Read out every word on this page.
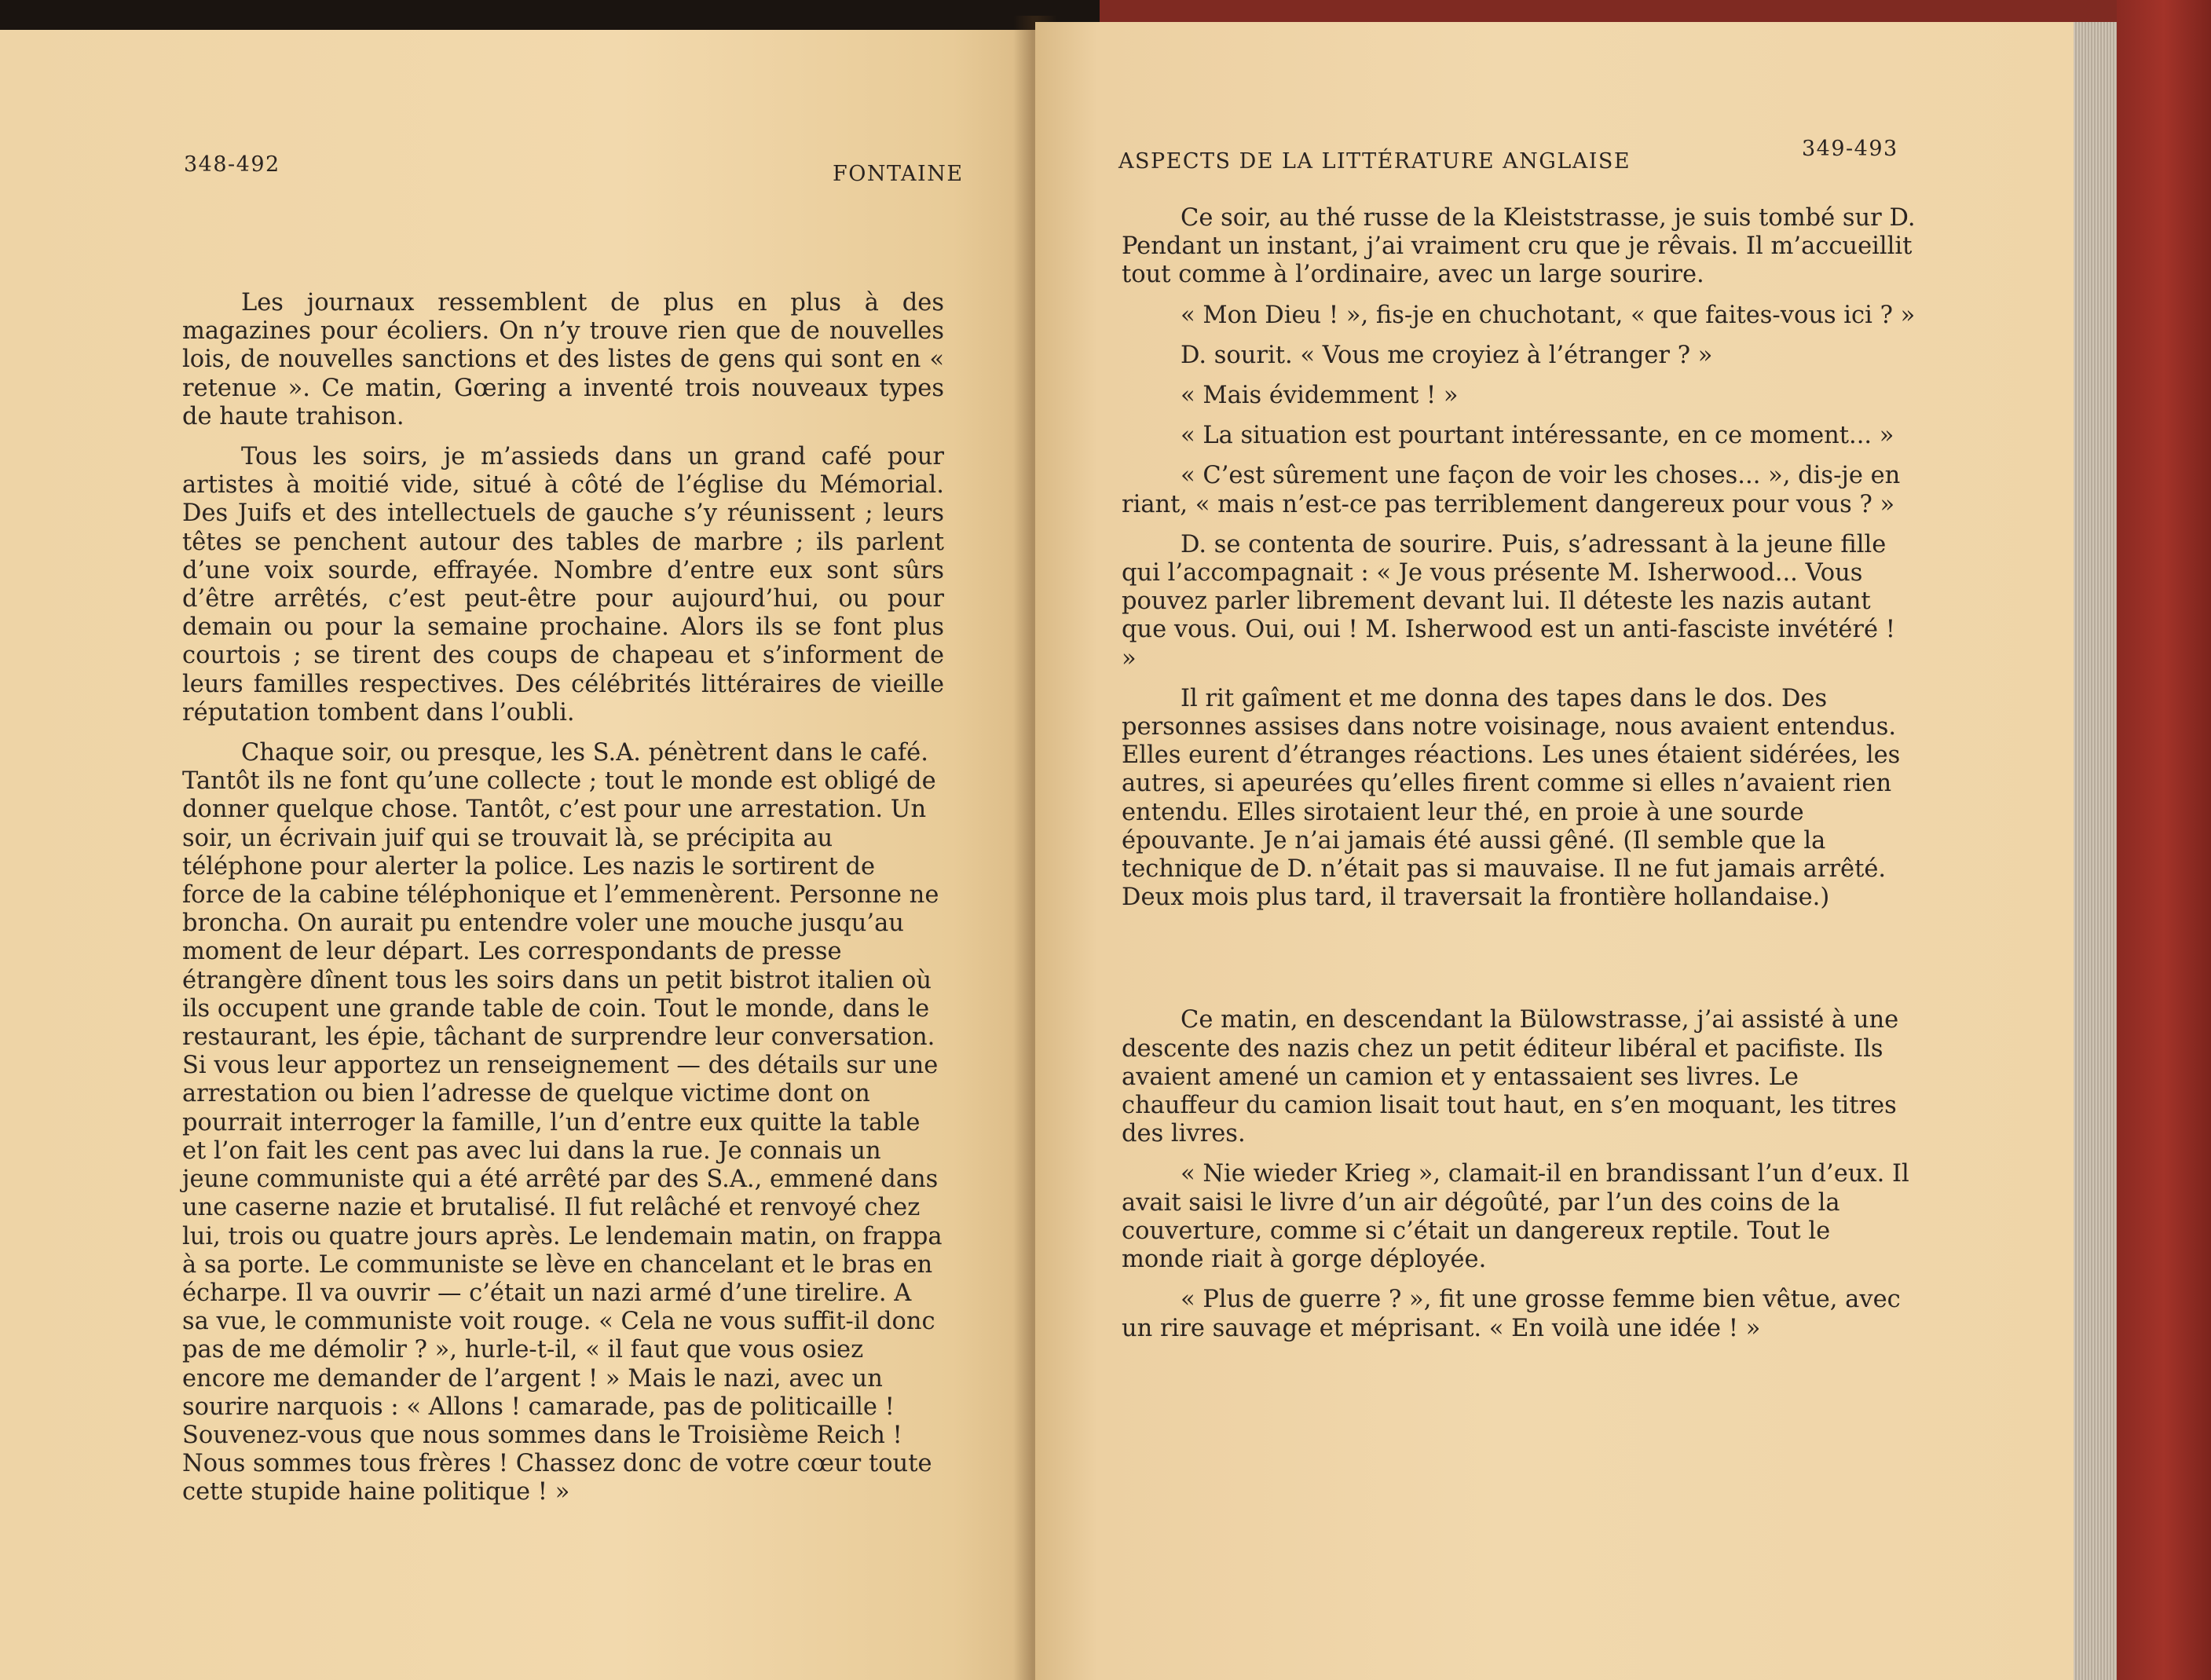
348-492	FONTAINE

Les journaux ressemblent de plus en plus à des magazines pour écoliers. On n’y trouve rien que de nouvelles lois, de nouvelles sanctions et des listes de gens qui sont en « retenue ». Ce matin, Gœring a inventé trois nouveaux types de haute trahison.

Tous les soirs, je m’assieds dans un grand café pour artistes à moitié vide, situé à côté de l’église du Mémorial. Des Juifs et des intellectuels de gauche s’y réunissent ; leurs têtes se penchent autour des tables de marbre ; ils parlent d’une voix sourde, effrayée. Nombre d’entre eux sont sûrs d’être arrêtés, c’est peut-être pour aujourd’hui, ou pour demain ou pour la semaine prochaine. Alors ils se font plus courtois ; se tirent des coups de chapeau et s’informent de leurs familles respectives. Des célébrités littéraires de vieille réputation tombent dans l’oubli.

Chaque soir, ou presque, les S.A. pénètrent dans le café. Tantôt ils ne font qu’une collecte ; tout le monde est obligé de donner quelque chose. Tantôt, c’est pour une arrestation. Un soir, un écrivain juif qui se trouvait là, se précipita au téléphone pour alerter la police. Les nazis le sortirent de force de la cabine téléphonique et l’emmenèrent. Personne ne broncha. On aurait pu entendre voler une mouche jusqu’au moment de leur départ. Les correspondants de presse étrangère dînent tous les soirs dans un petit bistrot italien où ils occupent une grande table de coin. Tout le monde, dans le restaurant, les épie, tâchant de surprendre leur conversation. Si vous leur apportez un renseignement — des détails sur une arrestation ou bien l’adresse de quelque victime dont on pourrait interroger la famille, l’un d’entre eux quitte la table et l’on fait les cent pas avec lui dans la rue. Je connais un jeune communiste qui a été arrêté par des S.A., emmené dans une caserne nazie et brutalisé. Il fut relâché et renvoyé chez lui, trois ou quatre jours après. Le lendemain matin, on frappa à sa porte. Le communiste se lève en chancelant et le bras en écharpe. Il va ouvrir — c’était un nazi armé d’une tirelire. A sa vue, le communiste voit rouge. « Cela ne vous suffit-il donc pas de me démolir ? », hurle-t-il, « il faut que vous osiez encore me demander de l’argent ! » Mais le nazi, avec un sourire narquois : « Allons ! camarade, pas de politicaille ! Souvenez-vous que nous sommes dans le Troisième Reich ! Nous sommes tous frères ! Chassez donc de votre cœur toute cette stupide haine politique ! »

ASPECTS DE LA LITTÉRATURE ANGLAISE
349-493

Ce soir, au thé russe de la Kleiststrasse, je suis tombé sur D. Pendant un instant, j’ai vraiment cru que je rêvais. Il m’accueillit tout comme à l’ordinaire, avec un large sourire.

« Mon Dieu ! », fis-je en chuchotant, « que faites-vous ici ? »

D. sourit. « Vous me croyiez à l’étranger ? »

« Mais évidemment ! »

« La situation est pourtant intéressante, en ce moment... »

« C’est sûrement une façon de voir les choses... », dis-je en riant, « mais n’est-ce pas terriblement dangereux pour vous ? »

D. se contenta de sourire. Puis, s’adressant à la jeune fille qui l’accompagnait : « Je vous présente M. Isherwood... Vous pouvez parler librement devant lui. Il déteste les nazis autant que vous. Oui, oui ! M. Isherwood est un anti-fasciste invétéré ! »

Il rit gaîment et me donna des tapes dans le dos. Des personnes assises dans notre voisinage, nous avaient entendus. Elles eurent d’étranges réactions. Les unes étaient sidérées, les autres, si apeurées qu’elles firent comme si elles n’avaient rien entendu. Elles sirotaient leur thé, en proie à une sourde épouvante. Je n’ai jamais été aussi gêné. (Il semble que la technique de D. n’était pas si mauvaise. Il ne fut jamais arrêté. Deux mois plus tard, il traversait la frontière hollandaise.)

Ce matin, en descendant la Bülowstrasse, j’ai assisté à une descente des nazis chez un petit éditeur libéral et pacifiste. Ils avaient amené un camion et y entassaient ses livres. Le chauffeur du camion lisait tout haut, en s’en moquant, les titres des livres.

« Nie wieder Krieg », clamait-il en brandissant l’un d’eux. Il avait saisi le livre d’un air dégoûté, par l’un des coins de la couverture, comme si c’était un dangereux reptile. Tout le monde riait à gorge déployée.

« Plus de guerre ? », fit une grosse femme bien vêtue, avec un rire sauvage et méprisant. « En voilà une idée ! »
